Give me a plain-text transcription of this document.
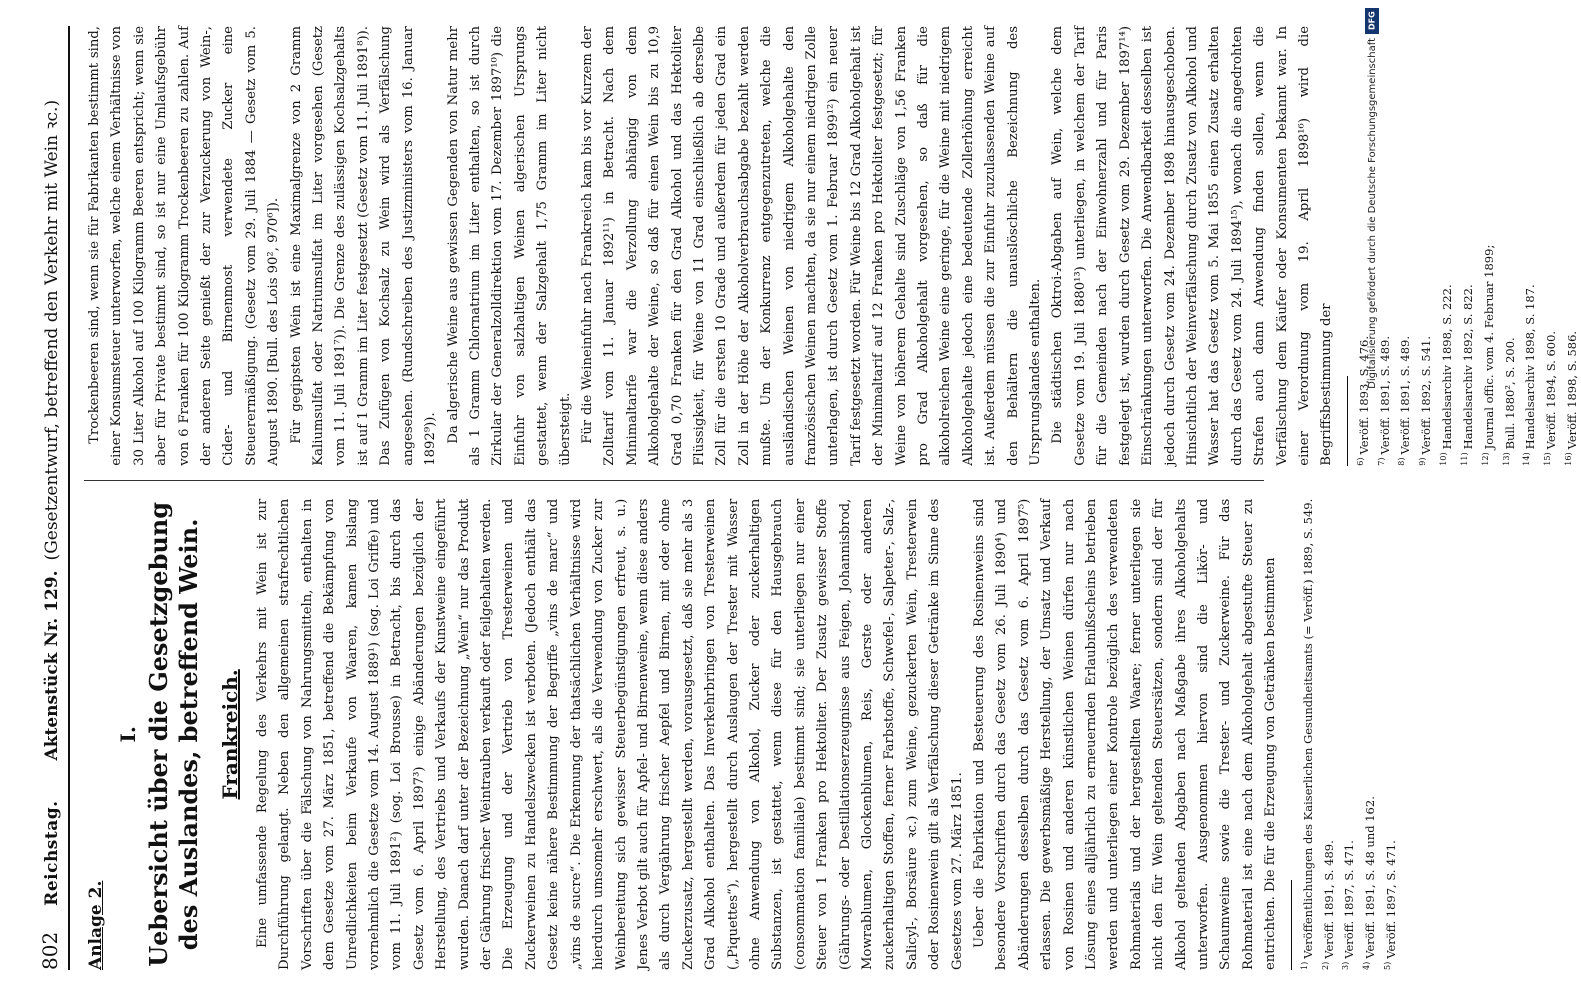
802
Reichstag.
Aktenstück Nr. 129.
(Gesetzentwurf, betreffend den Verkehr mit Wein ꝛc.)
Anlage 2.
I. Uebersicht über die Gesetzgebung des Auslandes, betreffend Wein. Frankreich. Eine umfassende Regelung des Verkehrs mit Wein ist zur Durchführung gelangt. Neben den allgemeinen strafrechtlichen Vorschriften über die Fälschung von Nahrungsmitteln, enthalten in dem Gesetze vom 27. März 1851, betreffend die Bekämpfung von Unredlichkeiten beim Verkaufe von Waaren, kamen bislang vornehmlich die Gesetze vom 14. August 1889¹) (sog. Loi Griffe) und vom 11. Juli 1891²) (sog. Loi Brousse) in Betracht, bis durch das Gesetz vom 6. April 1897³) einige Abänderungen bezüglich der Herstellung, des Vertriebs und Verkaufs der Kunstweine eingeführt wurden. Danach darf unter der Bezeichnung „Wein“ nur das Produkt der Gährung frischer Weintrauben verkauft oder feilgehalten werden. Die Erzeugung und der Vertrieb von Tresterweinen und Zuckerweinen zu Handelszwecken ist verboten. (Jedoch enthält das Gesetz keine nähere Bestimmung der Begriffe „vins de marc“ und „vins de sucre“. Die Erkennung der thatsächlichen Verhältnisse wird hierdurch umsomehr erschwert, als die Verwendung von Zucker zur Weinbereitung sich gewisser Steuerbegünstigungen erfreut, s. u.) Jenes Verbot gilt auch für Apfel- und Birnenweine, wenn diese anders als durch Vergährung frischer Aepfel und Birnen, mit oder ohne Zuckerzusatz, hergestellt werden, vorausgesetzt, daß sie mehr als 3 Grad Alkohol enthalten. Das Inverkehrbringen von Tresterweinen („Piquettes“), hergestellt durch Auslaugen der Trester mit Wasser ohne Anwendung von Alkohol, Zucker oder zuckerhaltigen Substanzen, ist gestattet, wenn diese für den Hausgebrauch (consommation familiale) bestimmt sind; sie unterliegen nur einer Steuer von 1 Franken pro Hektoliter. Der Zusatz gewisser Stoffe (Gährungs- oder Destillationserzeugnisse aus Feigen, Johannisbrod, Mowrablumen, Glockenblumen, Reis, Gerste oder anderen zuckerhaltigen Stoffen, ferner Farbstoffe, Schwefel-, Salpeter-, Salz-, Salicyl-, Borsäure ꝛc.) zum Weine, gezuckerten Wein, Tresterwein oder Rosinenwein gilt als Verfälschung dieser Getränke im Sinne des Gesetzes vom 27. März 1851. Ueber die Fabrikation und Besteuerung des Rosinenweins sind besondere Vorschriften durch das Gesetz vom 26. Juli 1890⁴) und Abänderungen desselben durch das Gesetz vom 6. April 1897⁵) erlassen. Die gewerbsmäßige Herstellung, der Umsatz und Verkauf von Rosinen und anderen künstlichen Weinen dürfen nur nach Lösung eines alljährlich zu erneuernden Erlaubnißscheins betrieben werden und unterliegen einer Kontrole bezüglich des verwendeten Rohmaterials und der hergestellten Waare; ferner unterliegen sie nicht den für Wein geltenden Steuersätzen, sondern sind der für Alkohol geltenden Abgaben nach Maßgabe ihres Alkoholgehalts unterworfen. Ausgenommen hiervon sind die Likör- und Schaumweine sowie die Trester- und Zuckerweine. Für das Rohmaterial ist eine nach dem Alkoholgehalt abgestufte Steuer zu entrichten. Die für die Erzeugung von Getränken bestimmten	$^{1)}$Veröffentlichungen des Kaiserlichen Gesundheitsamts (= Veröff.) 1889, S. 549.
$^{2)}$Veröff. 1891, S. 489.
$^{3)}$Veröff. 1897, S. 471.
$^{4)}$Veröff. 1891, S. 48 und 162.
$^{5)}$Veröff. 1897, S. 471.

Trockenbeeren sind, wenn sie für Fabrikanten bestimmt sind, einer Konsumsteuer unterworfen, welche einem Verhältnisse von 30 Liter Alkohol auf 100 Kilogramm Beeren entspricht; wenn sie aber für Private bestimmt sind, so ist nur eine Umlaufsgebühr von 6 Franken für 100 Kilogramm Trockenbeeren zu zahlen. Auf der anderen Seite genießt der zur Verzuckerung von Wein-, Cider- und Birnenmost verwendete Zucker eine Steuerermäßigung. (Gesetz vom 29. Juli 1884 — Gesetz vom 5. August 1890. [Bull. des Lois 90², 970⁶]). Für gegipsten Wein ist eine Maximalgrenze von 2 Gramm Kaliumsulfat oder Natriumsulfat im Liter vorgesehen (Gesetz vom 11. Juli 1891⁷)). Die Grenze des zulässigen Kochsalzgehalts ist auf 1 Gramm im Liter festgesetzt (Gesetz vom 11. Juli 1891⁸)). Das Zufügen von Kochsalz zu Wein wird als Verfälschung angesehen. (Rundschreiben des Justizministers vom 16. Januar 1892⁹)). Da algerische Weine aus gewissen Gegenden von Natur mehr als 1 Gramm Chlornatrium im Liter enthalten, so ist durch Zirkular der Generalzolldirektion vom 17. Dezember 1897¹⁰) die Einfuhr von salzhaltigen Weinen algerischen Ursprungs gestattet, wenn der Salzgehalt 1,75 Gramm im Liter nicht übersteigt. Für die Weineinfuhr nach Frankreich kam bis vor Kurzem der Zolltarif vom 11. Januar 1892¹¹) in Betracht. Nach dem Minimaltarife war die Verzollung abhängig von dem Alkoholgehalte der Weine, so daß für einen Wein bis zu 10,9 Grad 0,70 Franken für den Grad Alkohol und das Hektoliter Flüssigkeit, für Weine von 11 Grad einschließlich ab derselbe Zoll für die ersten 10 Grade und außerdem für jeden Grad ein Zoll in der Höhe der Alkoholverbrauchsabgabe bezahlt werden mußte. Um der Konkurrenz entgegenzutreten, welche die ausländischen Weinen von niedrigem Alkoholgehalte den französischen Weinen machten, da sie nur einem niedrigen Zolle unterlagen, ist durch Gesetz vom 1. Februar 1899¹²) ein neuer Tarif festgesetzt worden. Für Weine bis 12 Grad Alkoholgehalt ist der Minimaltarif auf 12 Franken pro Hektoliter festgesetzt; für Weine von höherem Gehalte sind Zuschläge von 1,56 Franken pro Grad Alkoholgehalt vorgesehen, so daß für die alkoholreichen Weine eine geringe, für die Weine mit niedrigem Alkoholgehalte jedoch eine bedeutende Zollerhöhung erreicht ist. Außerdem müssen die zur Einfuhr zuzulassenden Weine auf den Behältern die unauslöschliche Bezeichnung des Ursprungslandes enthalten. Die städtischen Oktroi-Abgaben auf Wein, welche dem Gesetze vom 19. Juli 1880¹³) unterliegen, in welchem der Tarif für die Gemeinden nach der Einwohnerzahl und für Paris festgelegt ist, wurden durch Gesetz vom 29. Dezember 1897¹⁴) Einschränkungen unterworfen. Die Anwendbarkeit desselben ist jedoch durch Gesetz vom 24. Dezember 1898 hinausgeschoben. Hinsichtlich der Weinverfälschung durch Zusatz von Alkohol und Wasser hat das Gesetz vom 5. Mai 1855 einen Zusatz erhalten durch das Gesetz vom 24. Juli 1894¹⁵), wonach die angedrohten Strafen auch dann Anwendung finden sollen, wenn die Verfälschung dem Käufer oder Konsumenten bekannt war. In einer Verordnung vom 19. April 1898¹⁶) wird die Begriffsbestimmung der	$^{6)}$Veröff. 1893, S. 476.
$^{7)}$Veröff. 1891, S. 489.
$^{8)}$Veröff. 1891, S. 489.
$^{9)}$Veröff. 1892, S. 541.
$^{10)}$Handelsarchiv 1898, S. 222.
$^{11)}$Handelsarchiv 1892, S. 822.
$^{12)}$Journal offic. vom 4. Februar 1899;
$^{13)}$Bull. 1880², S. 200.
$^{14)}$Handelsarchiv 1898, S. 187.
$^{15)}$Veröff. 1894, S. 600.
$^{16)}$Veröff. 1898, S. 586.
DFG
Digitalisierung gefördert durch die Deutsche Forschungsgemeinschaft
